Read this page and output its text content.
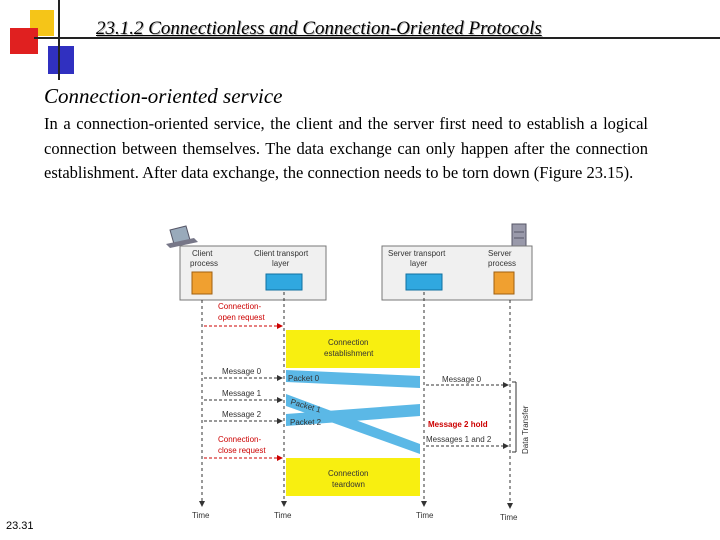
23.1.2 Connectionless and Connection-Oriented Protocols
Connection-oriented service
In a connection-oriented service, the client and the server first need to establish a logical connection between themselves. The data exchange can only happen after the connection establishment. After data exchange, the connection needs to be torn down (Figure 23.15).
Client
process
Client transport
layer
Server transport
layer
Server
process
Connection
establishment
Connection
teardown
Packet 0
Packet 1
Packet 2
Connection-
open request
Message 0
Message 1
Message 2
Connection-
close request
Message 0
Message 2 hold
Messages 1 and 2	Data Transfer
Time	Time	Time	Time
23.31
